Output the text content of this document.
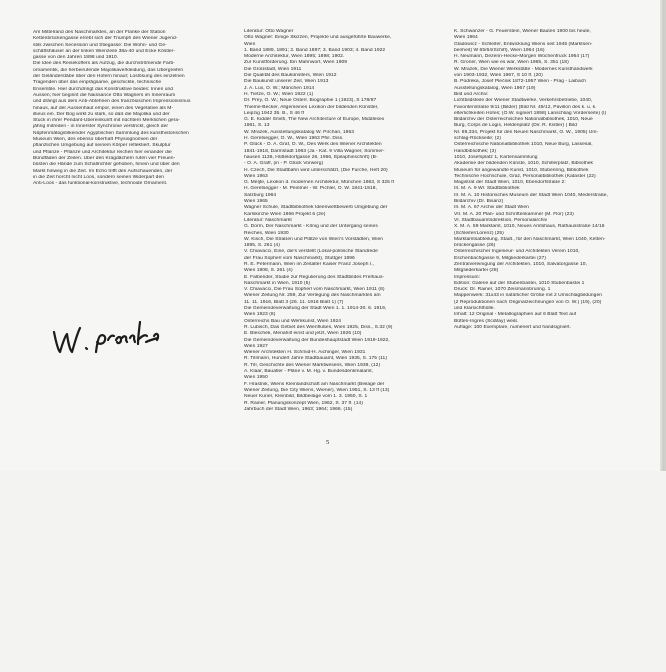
Am Mittelrand des Naschmarktes, an der Flanke der Station

Kettenbrückengasse errebt sich der Triumph des Wiener Jugend-

stils zwischen Secession und Stiegasse: Die Wohn- und Ge-

schäftshäuser an der linken Wienzeile 38a-40 und Ecke Köstler-

gasse von den Jahren 1898 und 1910.

Die Idee des Reisekoffers als Aufzug, die durchströmende Farb-

ornamentik, die herbeirufende Majolikaverkleidung, das Übergreifen

der Geländerstäbe über den Hofern hinauf; Loslösung des einzelnen

Tragenden über das einprägsame, geschickte, technische

Ensemble. Hier durchdringt das Konstruktive beides: Innen und

Aussen; hier beginnt die Naissance Otto Wagners im Innenraum

und drängt aus dem Anti-Ablehnen des französischen Impressionismus

hinaus, auf der Aussenhaut empor, einen des Vegetative als M-

illieus ein. Der Bog wirkt zu stark, so daß die Majolika und der

Stuck in ihrer Pendant-Übereinkunft mit nüchtern Merklichen gera-

jährig mitreden - in Innerster Synchronie verstrickt, gleich der

Nüpfenmäßigstilkeinder Ägyptischen Sammlung des kunsthistorischen

Museum Wien, des ebenso überhaft Physiognomien der

pflanzlichen Umgebung auf seinem Körper reflektiert. Skulptur

und Pflanze - Pflanze und Architektur reichen hier einander die

Bündfäden der Zeilen. Über den Kragdächern rufen vier Freuen-

büsten die Hände zum Schallrichter gehoben, hinein und über den

Markt hinweg in die Zeit. Im Echo trifft den Aufschauenden, der

in die Zeit horcht nicht Loos, sondern seinen Widerpart den

Anti-Loos - das funktional-konstruktive, technoide Ornament.

Literatur: Otto Wagner

Otto Wagner: Einige Skizzen, Projekte und ausgeführte Bauwerke,

Wien

1. Band 1889, 1891; 2. Band 1897; 3. Band 1903; 4. Band 1922

Moderne Architektur, Wien 1895; 1898; 1902.

Zur Kunstförderung. Ein Mahnwort, Wien 1909

Die Großstadt, Wien 1911

Die Qualität des Baukünstlers, Wien 1912

Die Baukunst unserer Zeit, Wien 1913

J. A. Lux, O. W.; München 1914

H. Tietze, O. W.; Wien 1922 (1)

Dr. Prey, O. W.; Neue Österr. Biographie 1 (1923), S 178/87

Thieme-Becker, Allgemeines Lexikon der bildenden Künstler,

Leipzig 1942 35. B., S 46 ff

G. E. Kidder Smith, The New Architecture of Europe, Middlesex

1961, S. 13

W. Mrazek, Ausstellungskatalog W. Pirchan, 1963

H. Geretsegger, O. W., Wien 1963 Phil. Diss.

P. Glück - O. A. Graf, O. W., Des Werk des Wiener Architekten

1841-1918, Darmstadt 1963 (Ja - Kat. 9 Villa Wagner, Sommer-

hausen 1136, Hütteldorfgasse 26, 1966, Epilaphinschrift) (B-

- O. A. Graff, (in - P. Glück Vorwerg)

H. Czech, Die Stadtbahn wird unterschätzt, (Die Furche, Heft 20)

Wien 1963

G. Meljte, Lexikon d. modernen Architektur, München 1963, S 325 ff

H. Geretsegger - M. Peintner - W. Pichler, O. W. 1841-1918,

Salzburg 1964

Wien 1965

Wagner Schule, Stadtbibliothek Ideenwettbewerb Umgebung der

Karlskirche Wien 1966 Projekt 6 (2e)

Literatur: Naschmarkt

G. Dorm, Der Naschmarkt - König und der Untergang seines

Reiches, Wien 1930

W. Kisch, Die Straßen und Plätze von Wien's Vorstädten, Wien

1895, S. 261 (4)

V. Chiavacci, Eine, die's verstellt (Lokal-politische Standrede

der Frau Sopherl vom Naschmarkt), Stuttger 1896

R. E. Petermann, Wien im Zeitalter Kaiser Franz Joseph I.,

Wien 1908, S. 261 (4)

E. Falbender, Studie zur Regulierung des Stadtbildes Frelhaus-

Naschmarkt in Wien, 1910 (5)

V. Chiavacci, Die Frau Sopherl vom Naschmarkt, Wien 1911 (6)

Wiener Zeitung Nr. 259, Zur Verlegung des Naschmarktes am

11. 11. 1916, Blatt 3 (26. 11. 1916 Blatt 1) (7)

Die Gemeindeverwaltung der Stadt Wien 1. 1. 1914-30. 6. 1919,

Wien 1923 (8)

Österreichs Bau und Werkkunst, Wien 1924

R. Lubisch, Das Gebiet des Wienflußes, Wien 1925, Diss., S.32 (9)

E. Bleschek, Meriahilf einst und jetzt, Wien 1926 (10)

Die Gemeindeverwaltung der Bundeshauptstadt Wien 1919-1922,

Wien 1927

Wiener Architekten H. Schmid-H. Aichinger, Wien 1931

R. Tillmann, Hundert Jahre Stadtbauamt, Wien 1935, S. 175 (11)

R. Till, Geschichte des Wiener Marktwesens, Wien 1939, (12)

A. Klaar, Bauatler - Pläne v. M. Hg. v. Bundesdenkmalamt,

Wien 1950

F. Hrastnik, Wiens Kleinlandschaft am Naschmarkt (Beilage der

Wiener Zeitung, Die City Wiens, Wiener), Wien 1951, S. 13 ff (13)

Neuer Kurier, Kleinbild, Bildbeilage vom 1. 3. 1950, S. 1

R. Rainer, Planungskonzept Wien, 1962, S. 37 ff. (14)

Jahrbuch der Stadt Wien, 1963; 1964; 1966. (15)

K. Schwanzer - G. Feuerstein, Wiener Bauten 1900 bis heute,

Wien 1964

Gladowicz - Schleifer, Entwicklung Wiens seit 1945 (Marktsen-

benheit) W 65/64/Schiff), Wien 1964 (16)

H. Neumann, Dezenn-Hecke-Morgen Wochenfruck 1964 (17)

R. Groner, Wien wie es war, Wien 1965, S. 351 (18)

W. Mrazek, Die Wiener Werkstätte - Modernes Kunsthandwerk

von 1903-1932, Wien 1967, S 10 ff. (20)

B. Podrekа, Josef Plečnik 1872-1957 Wien - Prag - Laibach

Ausstellungskatalog, Wien 1967 (19)

Bild und Archiv:

Lichtbildsteile der Wiener Stadtwerke, Verkehrsbetriebe, 1040,

Favoritenstraße 9/11 (Bilder) (Bild Nr. 49/12, Pavillon des k. u. k.

elterlichkeiten Hofes; (O.W. signiert 1898) Lanschliag Vorderseite) (I)

Bildarchiv der Österreichischen Nationalbibliothek, 1010, Neue

Burg, Corps de Logis, Heldenplatz (Dir. R. Kistler) ( Bild

Nr. 89,334, Projekt für den Neuen Naschmarkt, O. W., 1905) Um-

schlag-Rückseite; (2)

Österreichische Nationalbibliothek 1010, Neue Burg, Lassesal,

Handbibliothek; (3)

1010, Josefsplatz 1, Kartensammlung

Akademie der bildenden Künste, 1010, Schillerplatz, Bibliothek

Museum für angewandte Kunst, 1010, Stubenring, Bibliothek

Technische Hochschule, Graz, Personalbibliothek (Kataster (22)

Magistrat der Stadt Wien, 1010, Ebendorfstraße 2:

III. M. A. 9 Wr. Stadtbibliothek

III. M. A. 10 Historisches Museum der Stadt Wien 1040, Mederstraße,

Bildarchiv (Dr. Bisanz)

III. M. A. 67 Archiv der Stadt Wien

VII. M. A. 20 Plan- und Schriftenkammer (M. Flor) (23)

VI. Stadtbauamtsdirektion, Personalarchiv

X. M. A. 59 Marktamt, 1010, Neues Amtshaus, Rathausstraße 14/16

(Schleifer/Lorenz) (25)

Marktamtsabteilung, Stadt., für den Naschmarkt, Wien 1040, Ketten-

brückengasse (26)

Österreichischer Ingenieur- und Architekten Verein 1010,

Eschenbachgasse 9, Mitgliederkartei (27)

Zentralvereinigung der Architekten, 1010, Salvatorgasse 10,

Mitgliederkartei (28)

Impressum:

Edition: Galerie auf der Stubenbastei, 1010 Stubenbastei 1

Druck: Dr. Rainer, 1070 Zeismannbrunng. 1

Mappenwerk: 31x43 in natürlicher Größe mit 2 Umschlagbildungen

(2 Reproduktionen nach Originalzeichnungen von O. W.) (19), (20)

und Klarsichthülle.

Inhalt: 12 Original - Metallographien auf 6 Blatt Text auf

Bütten-Ingres (Sciäfay) weiß.

Auflage: 100 Exemplare, numeriert und handsigniert.

5
